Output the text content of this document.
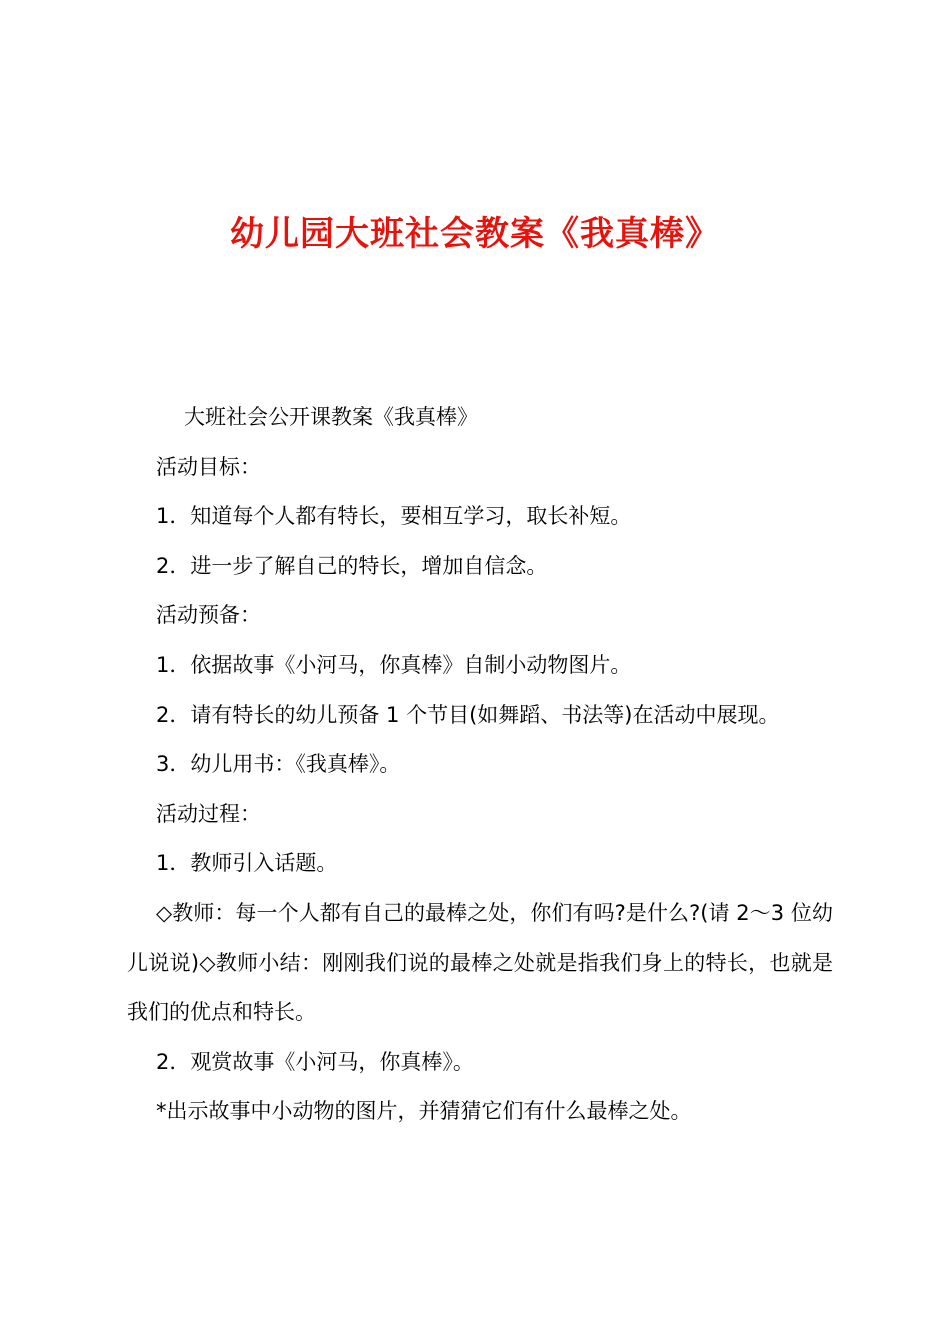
幼儿园大班社会教案《我真棒》

大班社会公开课教案《我真棒》

活动目标：

1．知道每个人都有特长，要相互学习，取长补短。

2．进一步了解自己的特长，增加自信念。

活动预备：

1．依据故事《小河马，你真棒》自制小动物图片。

2．请有特长的幼儿预备 1 个节目(如舞蹈、书法等)在活动中展现。

3．幼儿用书：《我真棒》。

活动过程：

1．教师引入话题。

◇教师：每一个人都有自己的最棒之处，你们有吗?是什么?(请 2～3 位幼儿说说)◇教师小结：刚刚我们说的最棒之处就是指我们身上的特长，也就是我们的优点和特长。

2．观赏故事《小河马，你真棒》。

*出示故事中小动物的图片，并猜猜它们有什么最棒之处。
